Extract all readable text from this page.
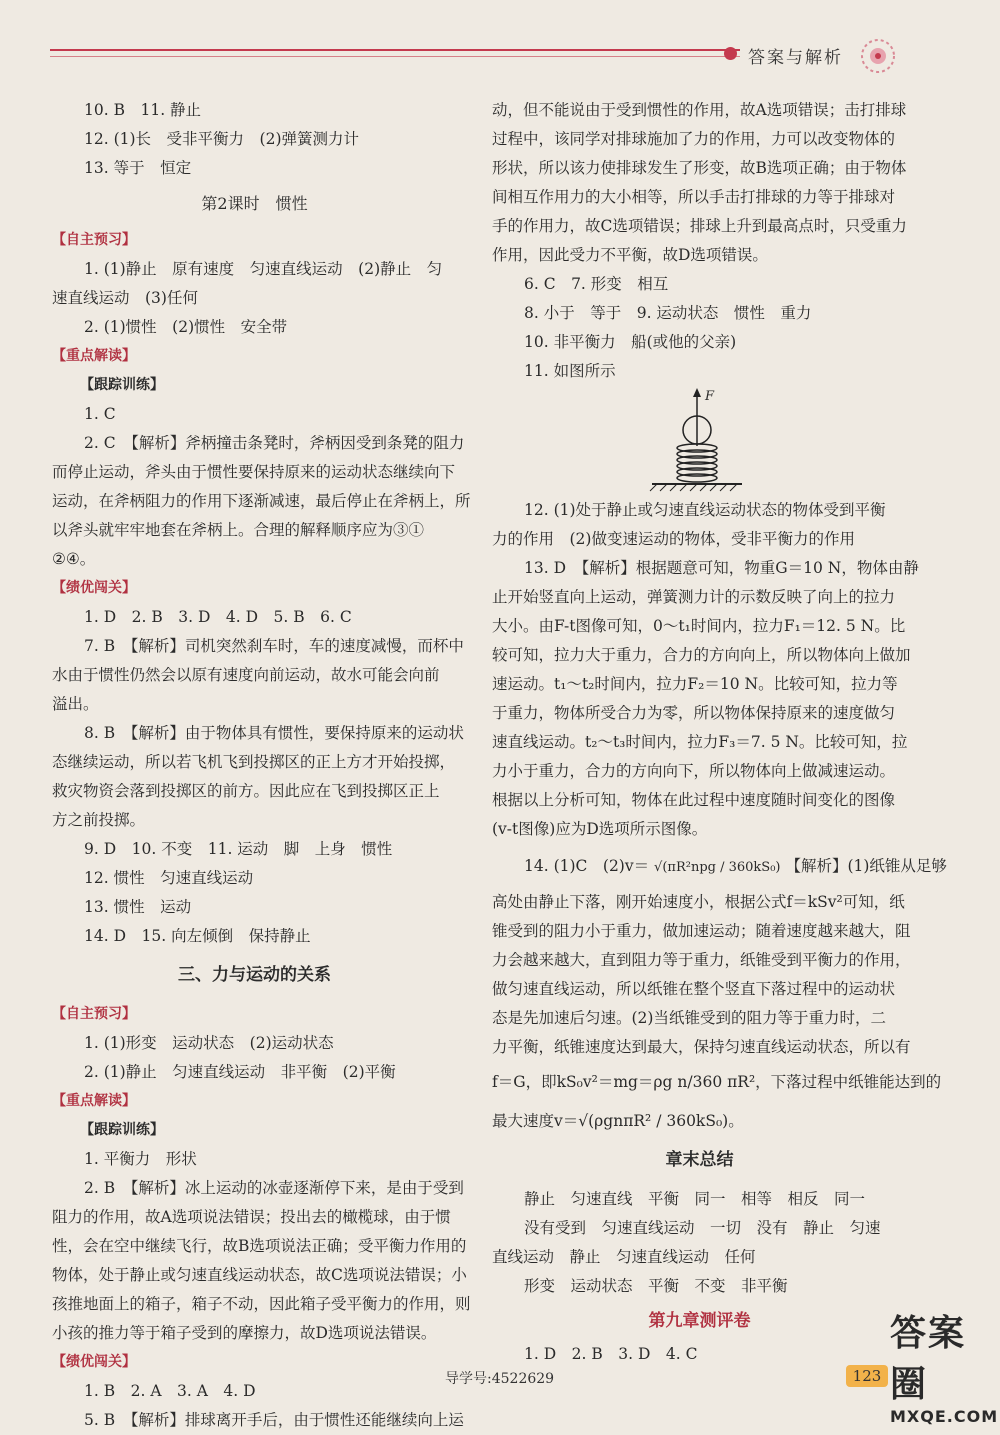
答案与解析
10. B　11. 静止
12. (1)长　受非平衡力　(2)弹簧测力计
13. 等于　恒定
第2课时　惯性
【自主预习】
1. (1)静止　原有速度　匀速直线运动　(2)静止　匀
速直线运动　(3)任何
2. (1)惯性　(2)惯性　安全带
【重点解读】
【跟踪训练】
1. C
2. C　【解析】斧柄撞击条凳时，斧柄因受到条凳的阻力
而停止运动，斧头由于惯性要保持原来的运动状态继续向下
运动，在斧柄阻力的作用下逐渐减速，最后停止在斧柄上，所
以斧头就牢牢地套在斧柄上。合理的解释顺序应为③①
②④。
【绩优闯关】
1. D　2. B　3. D　4. D　5. B　6. C
7. B　【解析】司机突然刹车时，车的速度减慢，而杯中
水由于惯性仍然会以原有速度向前运动，故水可能会向前
溢出。
8. B　【解析】由于物体具有惯性，要保持原来的运动状
态继续运动，所以若飞机飞到投掷区的正上方才开始投掷，
救灾物资会落到投掷区的前方。因此应在飞到投掷区正上
方之前投掷。
9. D　10. 不变　11. 运动　脚　上身　惯性
12. 惯性　匀速直线运动
13. 惯性　运动
14. D　15. 向左倾倒　保持静止
三、力与运动的关系
【自主预习】
1. (1)形变　运动状态　(2)运动状态
2. (1)静止　匀速直线运动　非平衡　(2)平衡
【重点解读】
【跟踪训练】
1. 平衡力　形状
2. B　【解析】冰上运动的冰壶逐渐停下来，是由于受到
阻力的作用，故A选项说法错误；投出去的橄榄球，由于惯
性，会在空中继续飞行，故B选项说法正确；受平衡力作用的
物体，处于静止或匀速直线运动状态，故C选项说法错误；小
孩推地面上的箱子，箱子不动，因此箱子受平衡力的作用，则
小孩的推力等于箱子受到的摩擦力，故D选项说法错误。
【绩优闯关】
1. B　2. A　3. A　4. D
5. B　【解析】排球离开手后，由于惯性还能继续向上运
动，但不能说由于受到惯性的作用，故A选项错误；击打排球
过程中，该同学对排球施加了力的作用，力可以改变物体的
形状，所以该力使排球发生了形变，故B选项正确；由于物体
间相互作用力的大小相等，所以手击打排球的力等于排球对
手的作用力，故C选项错误；排球上升到最高点时，只受重力
作用，因此受力不平衡，故D选项错误。
6. C　7. 形变　相互
8. 小于　等于　9. 运动状态　惯性　重力
10. 非平衡力　船(或他的父亲)
11. 如图所示
F
12. (1)处于静止或匀速直线运动状态的物体受到平衡
力的作用　(2)做变速运动的物体，受非平衡力的作用
13. D　【解析】根据题意可知，物重G＝10 N，物体由静
止开始竖直向上运动，弹簧测力计的示数反映了向上的拉力
大小。由F-t图像可知，0～t₁时间内，拉力F₁＝12. 5 N。比
较可知，拉力大于重力，合力的方向向上，所以物体向上做加
速运动。t₁～t₂时间内，拉力F₂＝10 N。比较可知，拉力等
于重力，物体所受合力为零，所以物体保持原来的速度做匀
速直线运动。t₂～t₃时间内，拉力F₃＝7. 5 N。比较可知，拉
力小于重力，合力的方向向下，所以物体向上做减速运动。
根据以上分析可知，物体在此过程中速度随时间变化的图像
(v-t图像)应为D选项所示图像。
14. (1)C　(2)v＝ √(πR²npg / 360kS₀) 【解析】(1)纸锥从足够
高处由静止下落，刚开始速度小，根据公式f＝kSv²可知，纸
锥受到的阻力小于重力，做加速运动；随着速度越来越大，阻
力会越来越大，直到阻力等于重力，纸锥受到平衡力的作用，
做匀速直线运动，所以纸锥在整个竖直下落过程中的运动状
态是先加速后匀速。(2)当纸锥受到的阻力等于重力时，二
力平衡，纸锥速度达到最大，保持匀速直线运动状态，所以有
f＝G，即kS₀v²＝mg＝ρg n/360 πR²，下落过程中纸锥能达到的
最大速度v＝√(ρgnπR² / 360kS₀)。
章末总结
静止　匀速直线　平衡　同一　相等　相反　同一
没有受到　匀速直线运动　一切　没有　静止　匀速
直线运动　静止　匀速直线运动　任何
形变　运动状态　平衡　不变　非平衡
第九章测评卷
1. D　2. B　3. D　4. C
导学号:4522629	123
答案圈
MXQE.COM
